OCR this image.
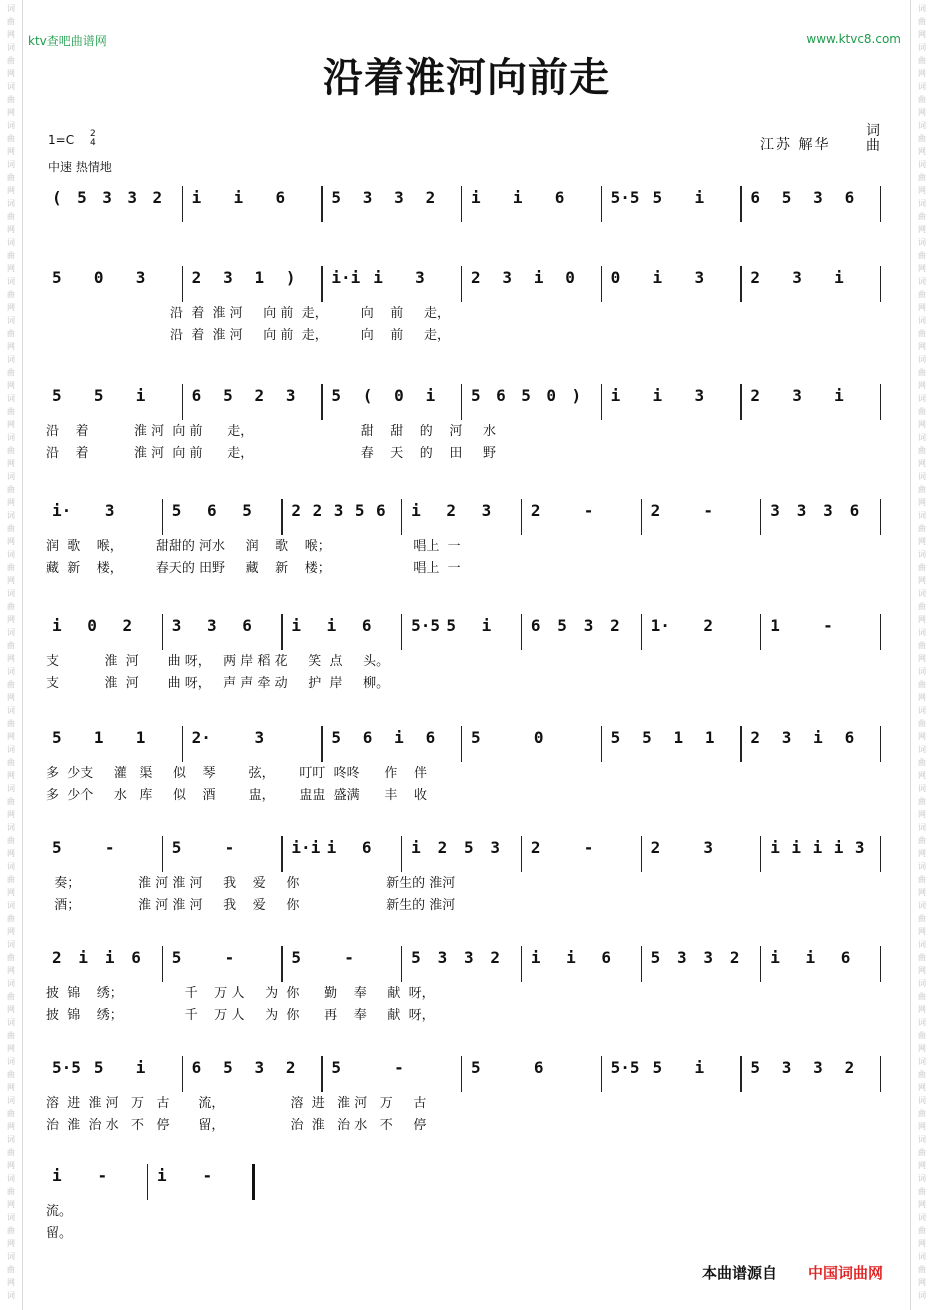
词
曲
网
词
曲
网
词
曲
网
词
曲
网
词
曲
网
词
曲
网
词
曲
网
词
曲
网
词
曲
网
词
曲
网
词
曲
网
词
曲
网
词
曲
网
词
曲
网
词
曲
网
词
曲
网
词
曲
网
词
曲
网
词
曲
网
词
曲
网
词
曲
网
词
曲
网
词
曲
网
词
曲
网
词
曲
网
词
曲
网
词
曲
网
词
曲
网
词
曲
网
词
曲
网
词
曲
网
词
曲
网
词
曲
网
词
词
曲
网
词
曲
网
词
曲
网
词
曲
网
词
曲
网
词
曲
网
词
曲
网
词
曲
网
词
曲
网
词
曲
网
词
曲
网
词
曲
网
词
曲
网
词
曲
网
词
曲
网
词
曲
网
词
曲
网
词
曲
网
词
曲
网
词
曲
网
词
曲
网
词
曲
网
词
曲
网
词
曲
网
词
曲
网
词
曲
网
词
曲
网
词
曲
网
词
曲
网
词
曲
网
词
曲
网
词
曲
网
词
曲
网
词
ktv查吧曲谱网	www.ktvc8.com
沿着淮河向前走
1=C 2
4
中速 热情地
江苏 解华
词
曲
( 5 3 3 2 i i 6	5 3 3 2 i i 6	5·5 5 i	6 5 3 6
5 0 3	2 3 1 ) i·i i 3	2 3 i 0 0 i 3	2 3 i
沿  着  淮 河     向 前  走，        向    前     走，
沿  着  淮 河     向 前  走，        向    前     走，
5 5 i	6 5 2 3 5 ( 0 i 5 6 5 0 ) i i 3	2 3 i
沿    着           淮 河  向 前      走，                          甜    甜    的    河     水
沿    着           淮 河  向 前      走，                          春    天    的    田     野
i· 3	5 6 5 2 2 3 5 6 i 2 3 2	-	2	-	3 3 3 6
润  歌    喉，        甜甜的 河水     润    歌    喉；                    唱上  一
藏  新    楼，        春天的 田野     藏    新    楼；                    唱上  一
i 0 2 3 3 6 i i 6 5·5 5 i 6 5 3 2 1· 2	1	-
支           淮  河       曲 呀，   两 岸 稻 花     笑  点     头。
支           淮  河       曲 呀，   声 声 牵 动     护  岸     柳。
5 1 1	2·	3	5 6 i 6 5	0	5 5 1 1 2 3 i 6
多  少支     灌   渠     似    琴        弦，      叮叮  咚咚      作    伴
多  少个     水   库     似    酒        盅，      盅盅  盛满      丰    收
5	-	5	-	i·i i 6 i 2 5 3 2	-	2	3	i i i i 3
奏；              淮 河 淮 河     我    爱     你                     新生的 淮河
酒；              淮 河 淮 河     我    爱     你                     新生的 淮河
2 i i 6 5	-	5	-	5 3 3 2 i i 6 5 3 3 2 i i 6
披  锦    绣；               千    万 人     为  你      勤    奉     献  呀，
披  锦    绣；               千    万 人     为  你      再    奉     献  呀，
5·5 5 i	6 5 3 2 5	-	5	6	5·5 5 i	5 3 3 2
溶  进  淮 河   万   古       流，                溶  进   淮 河   万     古
治  淮  治 水   不   停       留，                治  淮   治 水   不     停
i -	i -
流。
留。
本曲谱源自 中国词曲网
